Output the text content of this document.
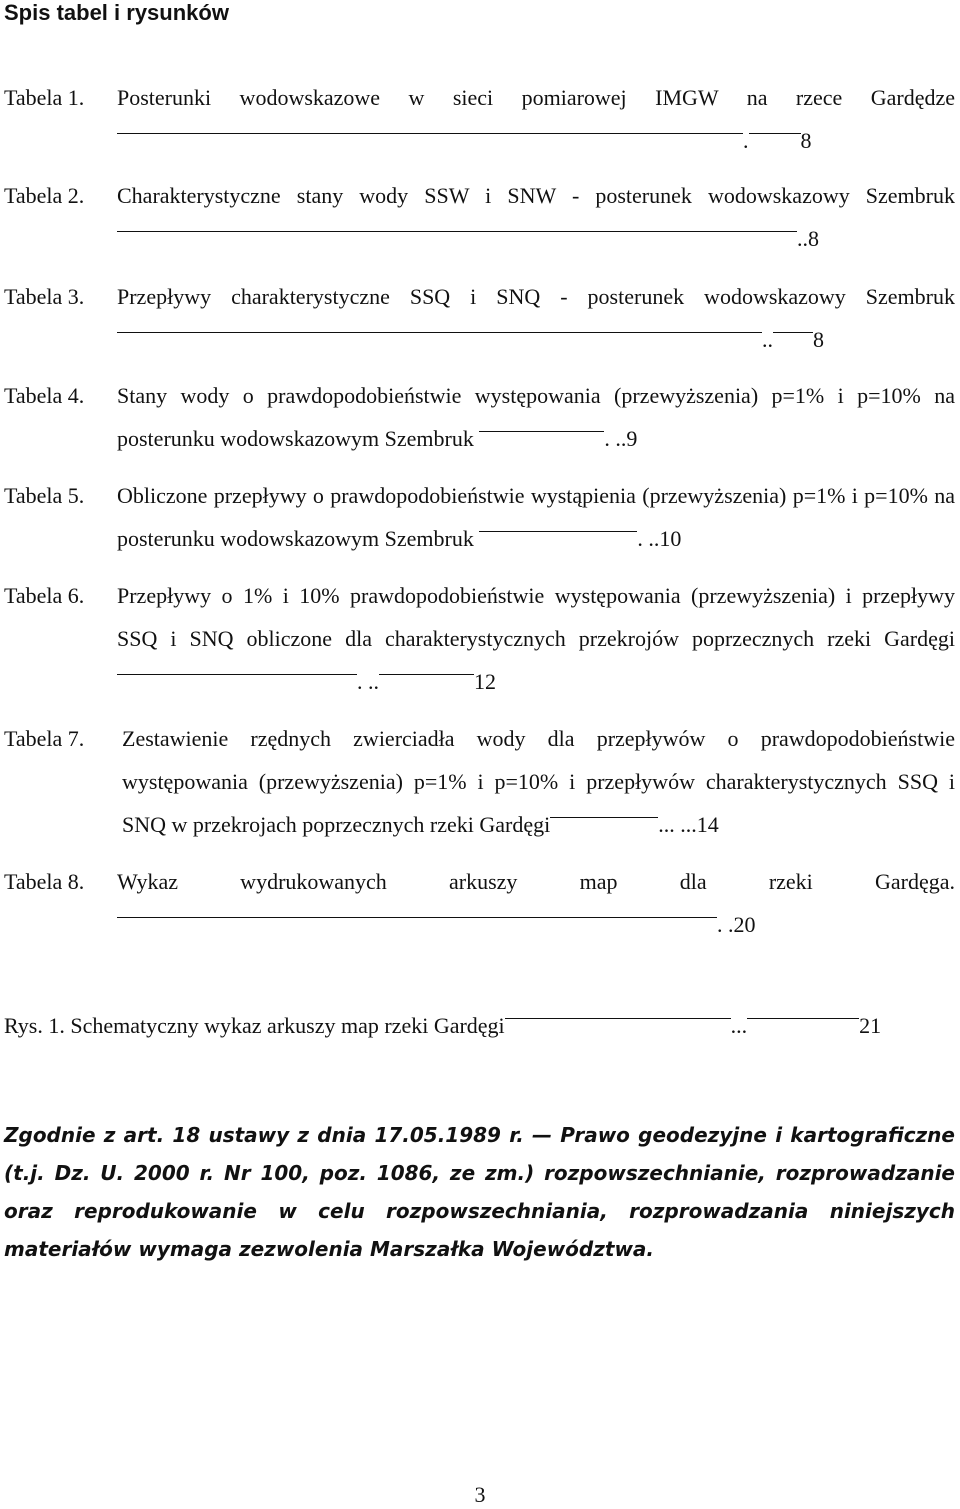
Spis tabel i rysunków
Tabela 1. Posterunki wodowskazowe w sieci pomiarowej IMGW na rzece Gardędze. 8
Tabela 2. Charakterystyczne stany wody SSW i SNW - posterunek wodowskazowy Szembruk..8
Tabela 3. Przepływy charakterystyczne SSQ i SNQ - posterunek wodowskazowy Szembruk.. 8
Tabela 4. Stany wody o prawdopodobieństwie występowania (przewyższenia) p=1% i p=10% na posterunku wodowskazowym Szembruk	. ..9
Tabela 5. Obliczone przepływy o prawdopodobieństwie wystąpienia (przewyższenia) p=1% i p=10% na posterunku wodowskazowym Szembruk	. ..10
Tabela 6. Przepływy o 1% i 10% prawdopodobieństwie występowania (przewyższenia) i przepływy SSQ i SNQ obliczone dla charakterystycznych przekrojów poprzecznych rzeki Gardęgi. ..	12
Tabela 7. Zestawienie rzędnych zwierciadła wody dla przepływów o prawdopodobieństwie występowania (przewyższenia) p=1% i p=10% i przepływów charakterystycznych SSQ i SNQ w przekrojach poprzecznych rzeki Gardęgi	... ...14
Tabela 8. Wykaz wydrukowanych arkuszy map dla rzeki Gardęga.. .20
Rys. 1. Schematyczny wykaz arkuszy map rzeki Gardęgi	...	21
Zgodnie z art. 18 ustawy z dnia 17.05.1989 r. — Prawo geodezyjne i kartograficzne (t.j. Dz. U. 2000 r. Nr 100, poz. 1086, ze zm.) rozpowszechnianie, rozprowadzanie oraz reprodukowanie w celu rozpowszechniania, rozprowadzania niniejszych materiałów wymaga zezwolenia Marszałka Województwa.
3
